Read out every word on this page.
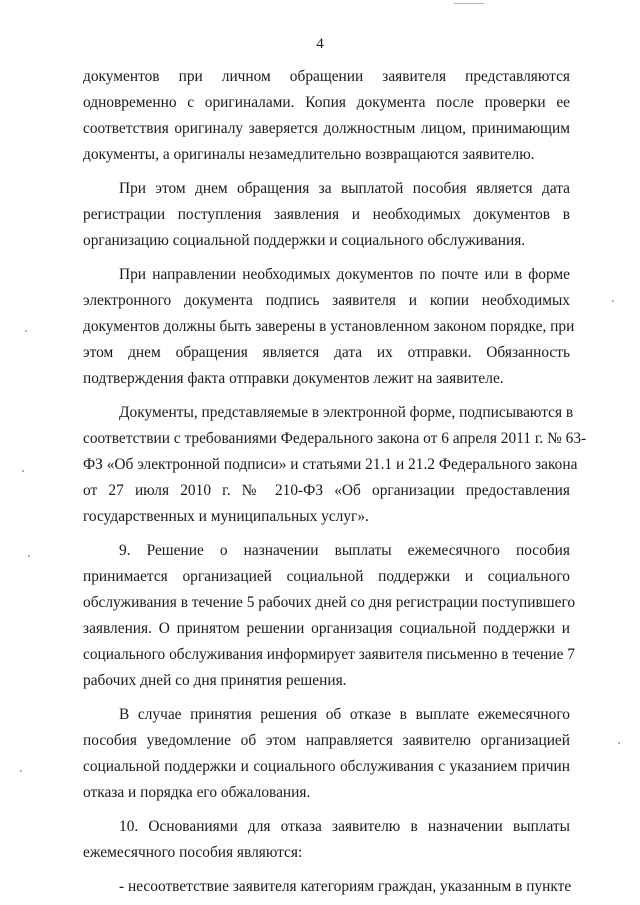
4
документов при личном обращении заявителя представляются
одновременно с оригиналами. Копия документа после проверки ее
соответствия оригиналу заверяется должностным лицом, принимающим
документы, а оригиналы незамедлительно возвращаются заявителю.
При этом днем обращения за выплатой пособия является дата
регистрации поступления заявления и необходимых документов в
организацию социальной поддержки и социального обслуживания.
При направлении необходимых документов по почте или в форме
электронного документа подпись заявителя и копии необходимых
документов должны быть заверены в установленном законом порядке, при
этом днем обращения является дата их отправки. Обязанность
подтверждения факта отправки документов лежит на заявителе.
Документы, представляемые в электронной форме, подписываются в
соответствии с требованиями Федерального закона от 6 апреля 2011 г. № 63-
ФЗ «Об электронной подписи» и статьями 21.1 и 21.2 Федерального закона
от 27 июля 2010 г. № 210-ФЗ «Об организации предоставления
государственных и муниципальных услуг».
9. Решение о назначении выплаты ежемесячного пособия
принимается организацией социальной поддержки и социального
обслуживания в течение 5 рабочих дней со дня регистрации поступившего
заявления. О принятом решении организация социальной поддержки и
социального обслуживания информирует заявителя письменно в течение 7
рабочих дней со дня принятия решения.
В случае принятия решения об отказе в выплате ежемесячного
пособия уведомление об этом направляется заявителю организацией
социальной поддержки и социального обслуживания с указанием причин
отказа и порядка его обжалования.
10. Основаниями для отказа заявителю в назначении выплаты
ежемесячного пособия являются:
- несоответствие заявителя категориям граждан, указанным в пункте
